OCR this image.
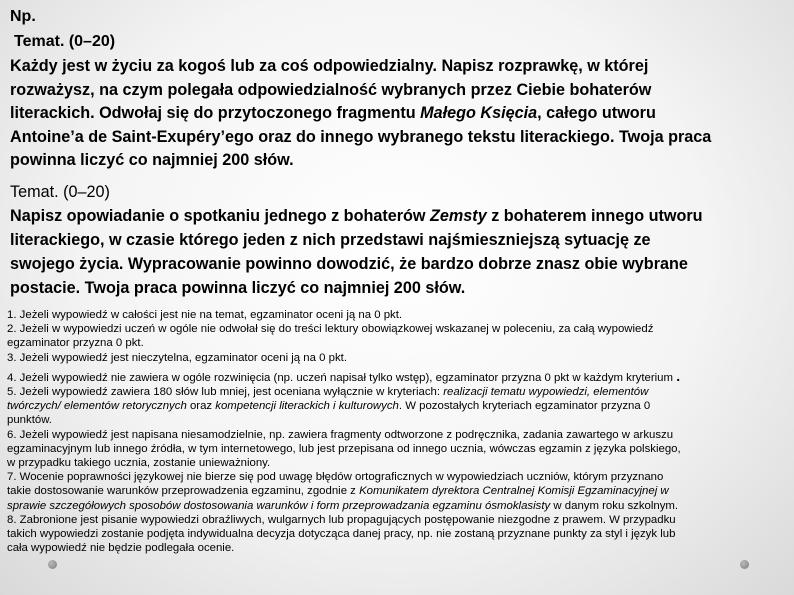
Np.
Temat. (0–20)
Każdy jest w życiu za kogoś lub za coś odpowiedzialny. Napisz rozprawkę, w której
rozważysz, na czym polegała odpowiedzialność wybranych przez Ciebie bohaterów
literackich. Odwołaj się do przytoczonego fragmentu Małego Księcia, całego utworu
Antoine’a de Saint-Exupéry’ego oraz do innego wybranego tekstu literackiego. Twoja praca
powinna liczyć co najmniej 200 słów.
Temat. (0–20)
Napisz opowiadanie o spotkaniu jednego z bohaterów Zemsty z bohaterem innego utworu
literackiego, w czasie którego jeden z nich przedstawi najśmieszniejszą sytuację ze
swojego życia. Wypracowanie powinno dowodzić, że bardzo dobrze znasz obie wybrane
postacie. Twoja praca powinna liczyć co najmniej 200 słów.
1. Jeżeli wypowiedź w całości jest nie na temat, egzaminator oceni ją na 0 pkt.
2. Jeżeli w wypowiedzi uczeń w ogóle nie odwołał się do treści lektury obowiązkowej wskazanej w poleceniu, za całą wypowiedź
egzaminator przyzna 0 pkt.
3. Jeżeli wypowiedź jest nieczytelna, egzaminator oceni ją na 0 pkt.
4. Jeżeli wypowiedź nie zawiera w ogóle rozwinięcia (np. uczeń napisał tylko wstęp), egzaminator przyzna 0 pkt w każdym kryterium .
5. Jeżeli wypowiedź zawiera 180 słów lub mniej, jest oceniana wyłącznie w kryteriach: realizacji tematu wypowiedzi, elementów
twórczych/ elementów retorycznych oraz kompetencji literackich i kulturowych. W pozostałych kryteriach egzaminator przyzna 0
punktów.
6. Jeżeli wypowiedź jest napisana niesamodzielnie, np. zawiera fragmenty odtworzone z podręcznika, zadania zawartego w arkuszu
egzaminacyjnym lub innego źródła, w tym internetowego, lub jest przepisana od innego ucznia, wówczas egzamin z języka polskiego,
w przypadku takiego ucznia, zostanie unieważniony.
7. Wocenie poprawności językowej nie bierze się pod uwagę błędów ortograficznych w wypowiedziach uczniów, którym przyznano
takie dostosowanie warunków przeprowadzenia egzaminu, zgodnie z Komunikatem dyrektora Centralnej Komisji Egzaminacyjnej w
sprawie szczegółowych sposobów dostosowania warunków i form przeprowadzania egzaminu ósmoklasisty w danym roku szkolnym.
8. Zabronione jest pisanie wypowiedzi obraźliwych, wulgarnych lub propagujących postępowanie niezgodne z prawem. W przypadku
takich wypowiedzi zostanie podjęta indywidualna decyzja dotycząca danej pracy, np. nie zostaną przyznane punkty za styl i język lub
cała wypowiedź nie będzie podlegała ocenie.
